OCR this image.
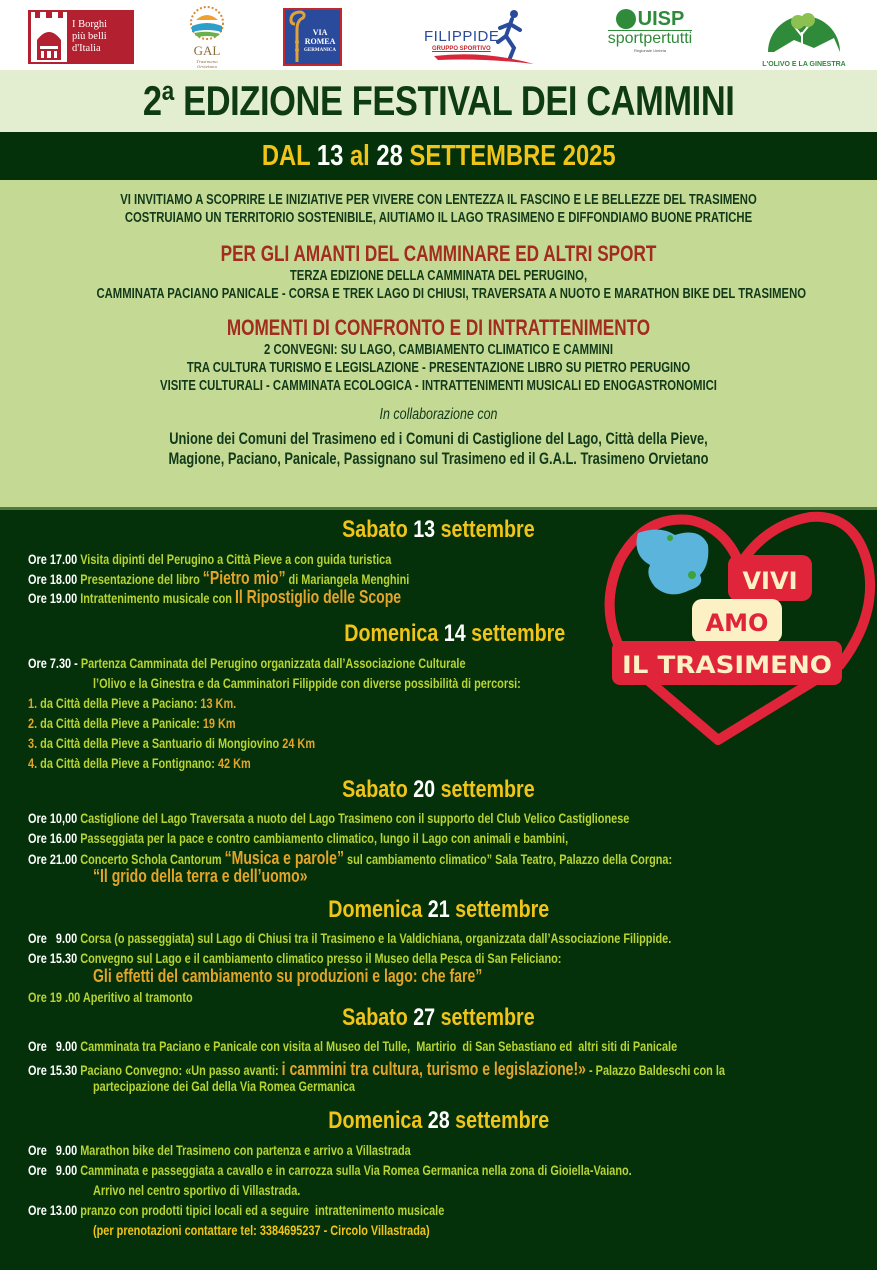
I Borghi
più belli
d'Italia	GAL
Trasimeno Orvietano
VIA
ROMEA
GERMANICA
FILIPPIDE
GRUPPO SPORTIVO
UISP
sportpertutti
Regionale Umbria
L'OLIVO E LA GINESTRA
2ª EDIZIONE FESTIVAL DEI CAMMINI
DAL 13 al 28 SETTEMBRE 2025
VI INVITIAMO A SCOPRIRE LE INIZIATIVE PER VIVERE CON LENTEZZA IL FASCINO E LE BELLEZZE DEL TRASIMENO
COSTRUIAMO UN TERRITORIO SOSTENIBILE, AIUTIAMO IL LAGO TRASIMENO E DIFFONDIAMO BUONE PRATICHE
PER GLI AMANTI DEL CAMMINARE ED ALTRI SPORT
TERZA EDIZIONE DELLA CAMMINATA DEL PERUGINO,
CAMMINATA PACIANO PANICALE - CORSA E TREK LAGO DI CHIUSI, TRAVERSATA A NUOTO E MARATHON BIKE DEL TRASIMENO
MOMENTI DI CONFRONTO E DI INTRATTENIMENTO
2 CONVEGNI: SU LAGO, CAMBIAMENTO CLIMATICO E CAMMINI
TRA CULTURA TURISMO E LEGISLAZIONE - PRESENTAZIONE LIBRO SU PIETRO PERUGINO
VISITE CULTURALI - CAMMINATA ECOLOGICA - INTRATTENIMENTI MUSICALI ED ENOGASTRONOMICI
In collaborazione con
Unione dei Comuni del Trasimeno ed i Comuni di Castiglione del Lago, Città della Pieve,
Magione, Paciano, Panicale, Passignano sul Trasimeno ed il G.A.L. Trasimeno Orvietano
VIVI
AMO
IL TRASIMENO
Sabato 13 settembre
Ore 17.00 Visita dipinti del Perugino a Città Pieve a con guida turistica
Ore 18.00 Presentazione del libro “Pietro mio” di Mariangela Menghini
Ore 19.00 Intrattenimento musicale con Il Ripostiglio delle Scope
Domenica 14 settembre
Ore 7.30 - Partenza Camminata del Perugino organizzata dall’Associazione Culturale
l’Olivo e la Ginestra e da Camminatori Filippide con diverse possibilità di percorsi:
1. da Città della Pieve a Paciano: 13 Km.
2. da Città della Pieve a Panicale: 19 Km
3. da Città della Pieve a Santuario di Mongiovino 24 Km
4. da Città della Pieve a Fontignano: 42 Km
Sabato 20 settembre
Ore 10,00 Castiglione del Lago Traversata a nuoto del Lago Trasimeno con il supporto del Club Velico Castiglionese
Ore 16.00 Passeggiata per la pace e contro cambiamento climatico, lungo il Lago con animali e bambini,
Ore 21.00 Concerto Schola Cantorum “Musica e parole” sul cambiamento climatico” Sala Teatro, Palazzo della Corgna:
“Il grido della terra e dell’uomo»
Domenica 21 settembre
Ore   9.00 Corsa (o passeggiata) sul Lago di Chiusi tra il Trasimeno e la Valdichiana, organizzata dall’Associazione Filippide.
Ore 15.30 Convegno sul Lago e il cambiamento climatico presso il Museo della Pesca di San Feliciano:
Gli effetti del cambiamento su produzioni e lago: che fare”
Ore 19 .00 Aperitivo al tramonto
Sabato 27 settembre
Ore   9.00 Camminata tra Paciano e Panicale con visita al Museo del Tulle,  Martirio  di San Sebastiano ed  altri siti di Panicale
Ore 15.30 Paciano Convegno: «Un passo avanti: i cammini tra cultura, turismo e legislazione!» - Palazzo Baldeschi con la
partecipazione dei Gal della Via Romea Germanica
Domenica 28 settembre
Ore   9.00 Marathon bike del Trasimeno con partenza e arrivo a Villastrada
Ore   9.00 Camminata e passeggiata a cavallo e in carrozza sulla Via Romea Germanica nella zona di Gioiella-Vaiano.
Arrivo nel centro sportivo di Villastrada.
Ore 13.00 pranzo con prodotti tipici locali ed a seguire  intrattenimento musicale
(per prenotazioni contattare tel: 3384695237 - Circolo Villastrada)
